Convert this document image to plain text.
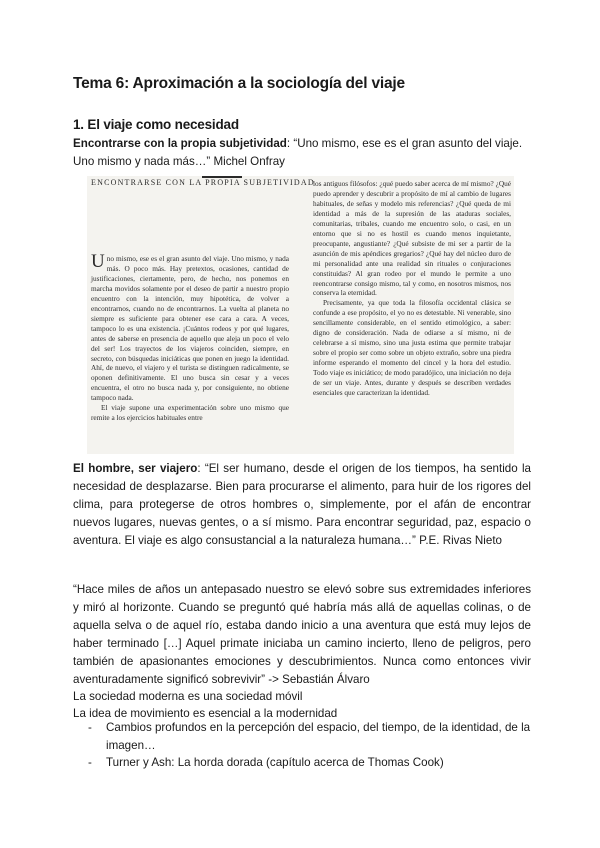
Tema 6: Aproximación a la sociología del viaje
1. El viaje como necesidad
Encontrarse con la propia subjetividad: “Uno mismo, ese es el gran asunto del viaje. Uno mismo y nada más…” Michel Onfray
ENCONTRARSE CON LA PROPIA SUBJETIVIDAD

Uno mismo, ese es el gran asunto del viaje. Uno mismo, y nada más. O poco más. Hay pretextos, ocasiones, cantidad de justificaciones, ciertamente, pero, de hecho, nos ponemos en marcha movidos solamente por el deseo de partir a nuestro propio encuentro con la intención, muy hipotética, de volver a encontrarnos, cuando no de encontrarnos. La vuelta al planeta no siempre es suficiente para obtener ese cara a cara. A veces, tampoco lo es una existencia. ¡Cuántos rodeos y por qué lugares, antes de saberse en presencia de aquello que aleja un poco el velo del ser! Los trayectos de los viajeros coinciden, siempre, en secreto, con búsquedas iniciáticas que ponen en juego la identidad. Ahí, de nuevo, el viajero y el turista se distinguen radicalmente, se oponen definitivamente. El uno busca sin cesar y a veces encuentra, el otro no busca nada y, por consiguiente, no obtiene tampoco nada.

El viaje supone una experimentación sobre uno mismo que remite a los ejercicios habituales entre

los antiguos filósofos: ¿qué puedo saber acerca de mí mismo? ¿Qué puedo aprender y descubrir a propósito de mí al cambio de lugares habituales, de señas y modelo mis referencias? ¿Qué queda de mi identidad a más de la supresión de las ataduras sociales, comunitarias, tribales, cuando me encuentro solo, o casi, en un entorno que si no es hostil es cuando menos inquietante, preocupante, angustiante? ¿Qué subsiste de mi ser a partir de la asunción de mis apéndices gregarios? ¿Qué hay del núcleo duro de mi personalidad ante una realidad sin rituales o conjuraciones constituidas? Al gran rodeo por el mundo le permite a uno reencontrarse consigo mismo, tal y como, en nosotros mismos, nos conserva la eternidad.

Precisamente, ya que toda la filosofía occidental clásica se confunde a ese propósito, el yo no es detestable. Ni venerable, sino sencillamente considerable, en el sentido etimológico, a saber: digno de consideración. Nada de odiarse a sí mismo, ni de celebrarse a sí mismo, sino una justa estima que permite trabajar sobre el propio ser como sobre un objeto extraño, sobre una piedra informe esperando el momento del cincel y la hora del estudio. Todo viaje es iniciático; de modo paradójico, una iniciación no deja de ser un viaje. Antes, durante y después se describen verdades esenciales que caracterizan la identidad.

El hombre, ser viajero: “El ser humano, desde el origen de los tiempos, ha sentido la necesidad de desplazarse. Bien para procurarse el alimento, para huir de los rigores del clima, para protegerse de otros hombres o, simplemente, por el afán de encontrar nuevos lugares, nuevas gentes, o a sí mismo. Para encontrar seguridad, paz, espacio o aventura. El viaje es algo consustancial a la naturaleza humana…” P.E. Rivas Nieto
“Hace miles de años un antepasado nuestro se elevó sobre sus extremidades inferiores y miró al horizonte. Cuando se preguntó qué habría más allá de aquellas colinas, o de aquella selva o de aquel río, estaba dando inicio a una aventura que está muy lejos de haber terminado […] Aquel primate iniciaba un camino incierto, lleno de peligros, pero también de apasionantes emociones y descubrimientos. Nunca como entonces vivir aventuradamente significó sobrevivir” -> Sebastián Álvaro
La sociedad moderna es una sociedad móvil
La idea de movimiento es esencial a la modernidad
- Cambios profundos en la percepción del espacio, del tiempo, de la identidad, de la imagen…
- Turner y Ash: La horda dorada (capítulo acerca de Thomas Cook)
